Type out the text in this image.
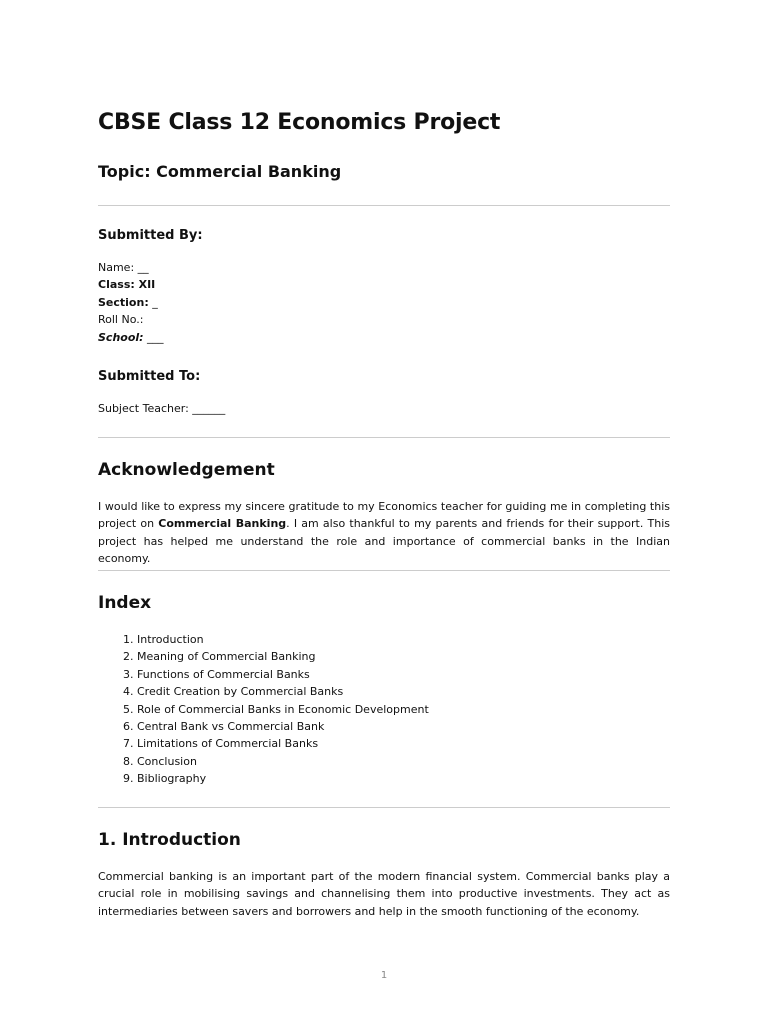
CBSE Class 12 Economics Project
Topic: Commercial Banking
Submitted By:
Name: __
Class: XII
Section: _
Roll No.:
School: ___
Submitted To:
Subject Teacher: ______
Acknowledgement

I would like to express my sincere gratitude to my Economics teacher for guiding me in completing this project on Commercial Banking. I am also thankful to my parents and friends for their support. This project has helped me understand the role and importance of commercial banks in the Indian economy.

Index
1. Introduction
2. Meaning of Commercial Banking
3. Functions of Commercial Banks
4. Credit Creation by Commercial Banks
5. Role of Commercial Banks in Economic Development
6. Central Bank vs Commercial Bank
7. Limitations of Commercial Banks
8. Conclusion
9. Bibliography
1. Introduction

Commercial banking is an important part of the modern financial system. Commercial banks play a crucial role in mobilising savings and channelising them into productive investments. They act as intermediaries between savers and borrowers and help in the smooth functioning of the economy.

1
